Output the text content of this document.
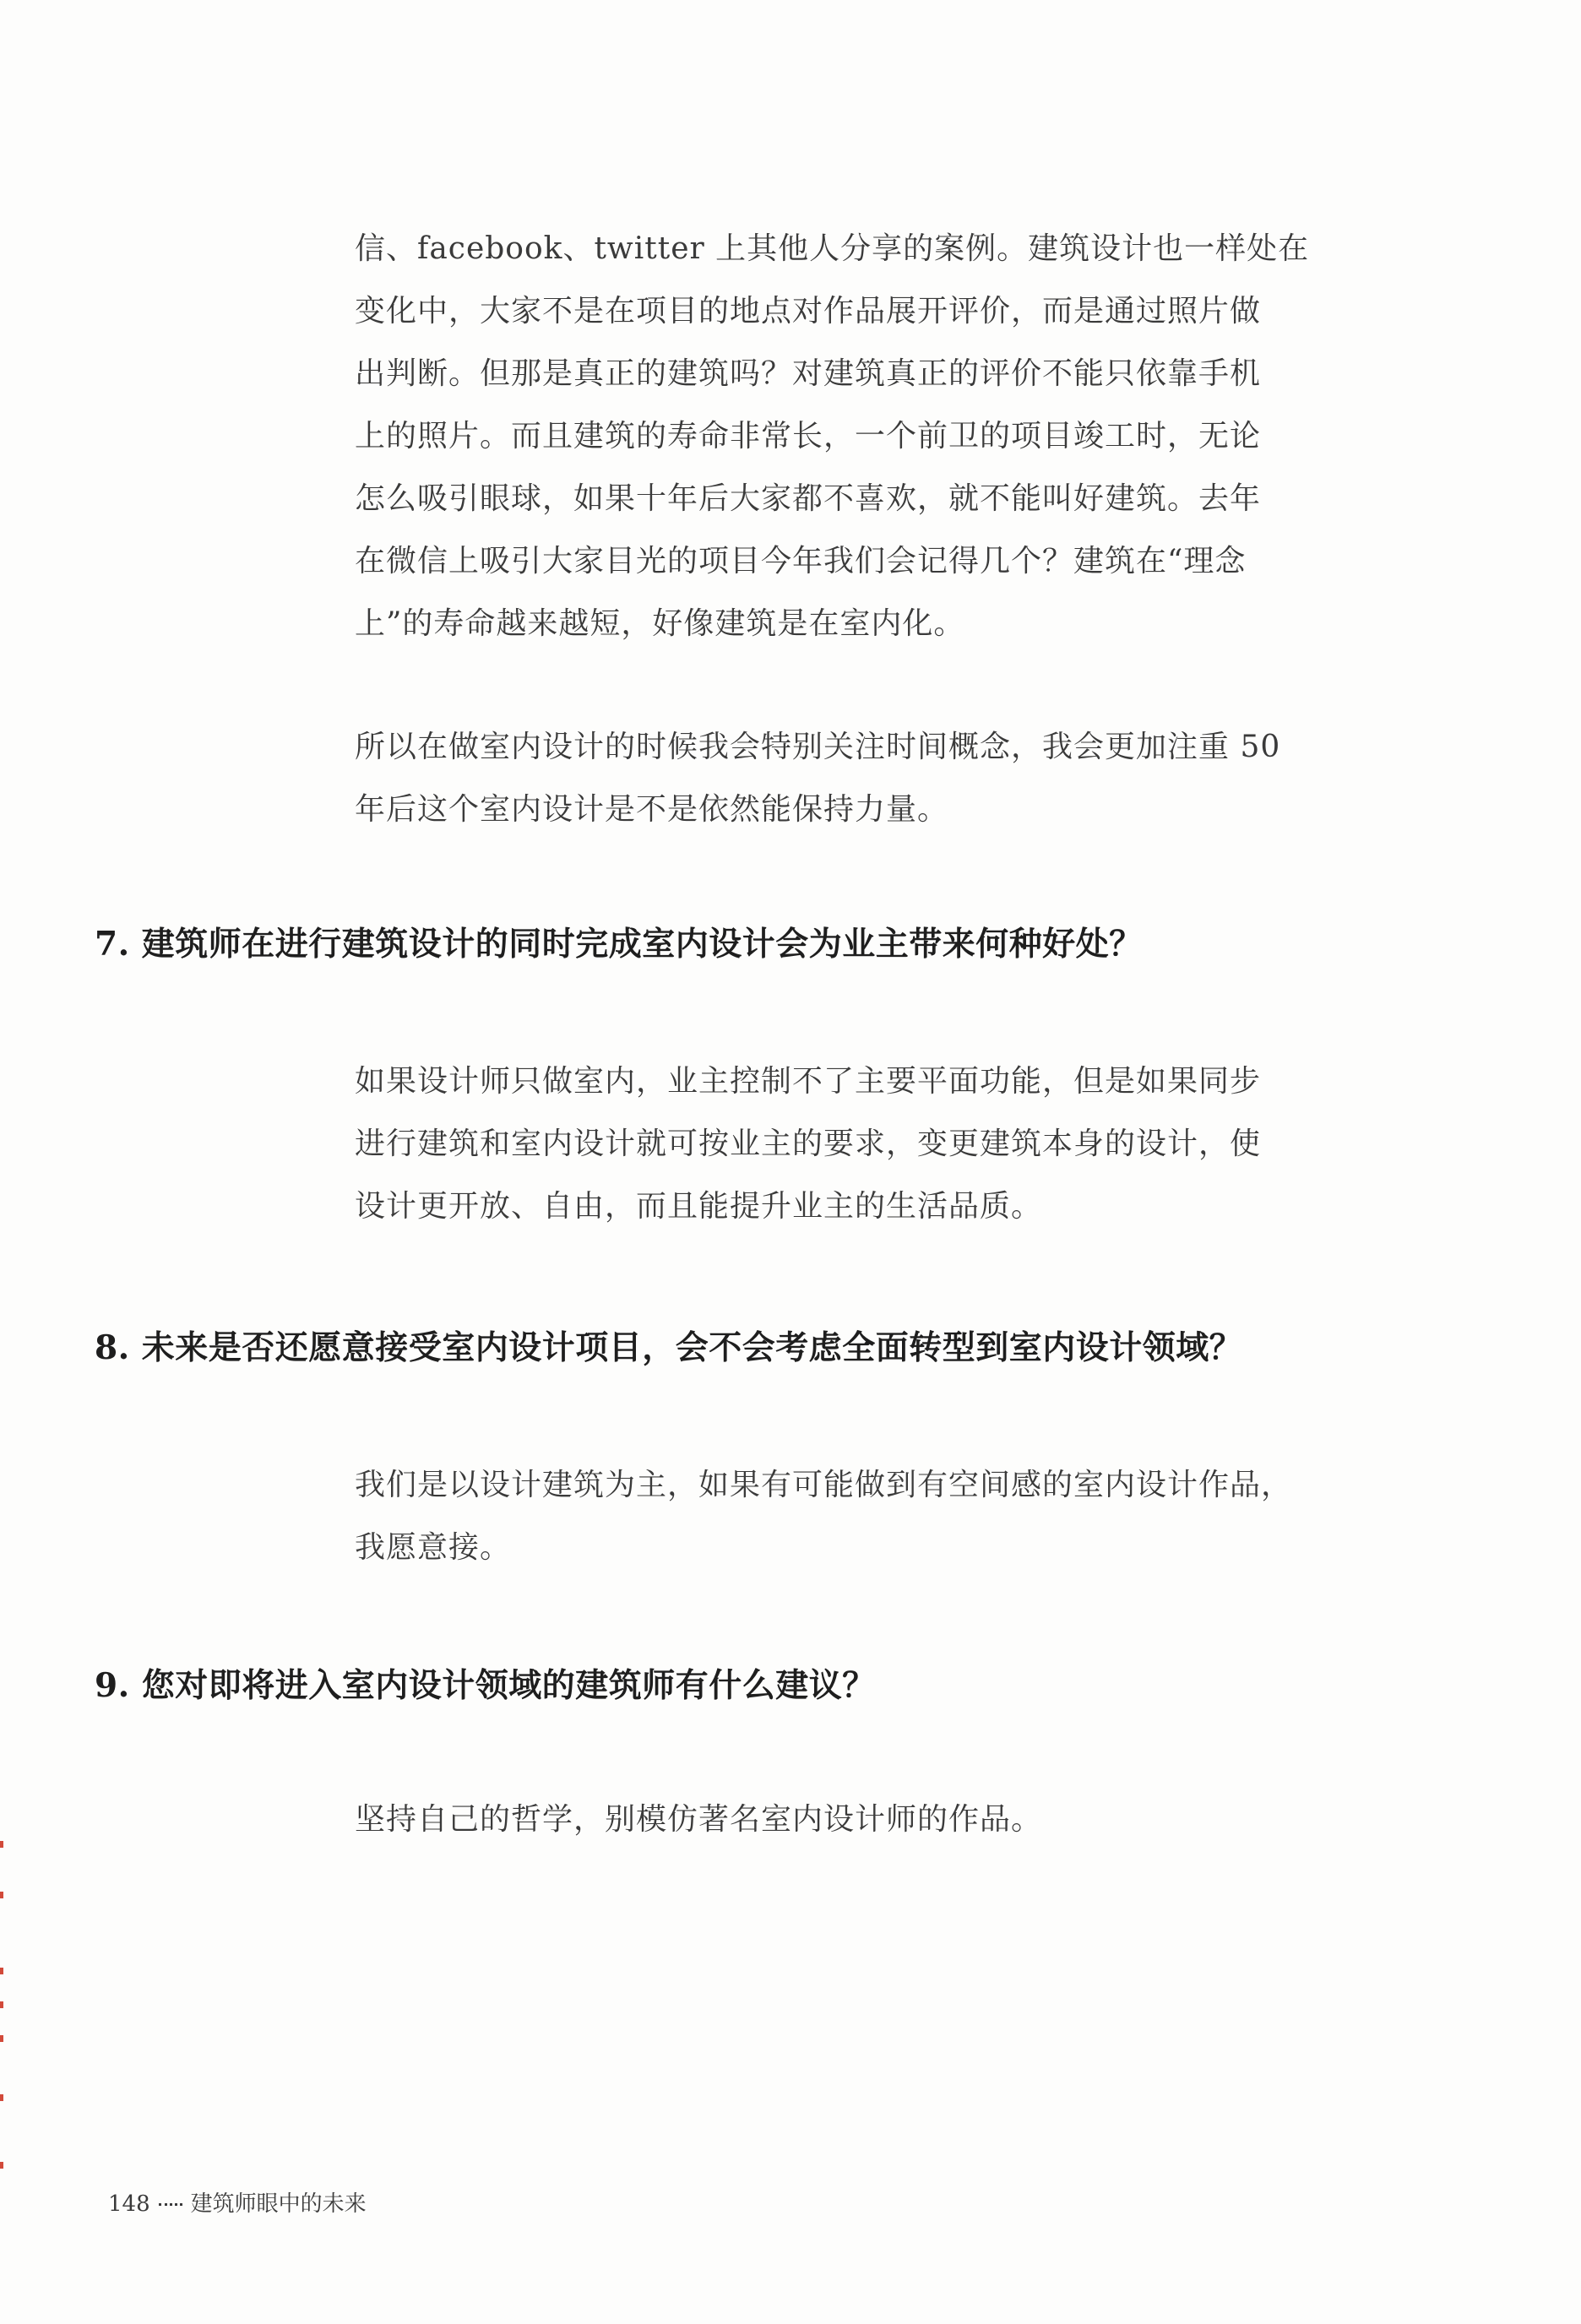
信、facebook、twitter 上其他人分享的案例。建筑设计也一样处在

变化中，大家不是在项目的地点对作品展开评价，而是通过照片做

出判断。但那是真正的建筑吗？对建筑真正的评价不能只依靠手机

上的照片。而且建筑的寿命非常长，一个前卫的项目竣工时，无论

怎么吸引眼球，如果十年后大家都不喜欢，就不能叫好建筑。去年

在微信上吸引大家目光的项目今年我们会记得几个？建筑在“理念

上”的寿命越来越短，好像建筑是在室内化。

所以在做室内设计的时候我会特别关注时间概念，我会更加注重 50

年后这个室内设计是不是依然能保持力量。

7. 建筑师在进行建筑设计的同时完成室内设计会为业主带来何种好处？

如果设计师只做室内，业主控制不了主要平面功能，但是如果同步

进行建筑和室内设计就可按业主的要求，变更建筑本身的设计，使

设计更开放、自由，而且能提升业主的生活品质。

8. 未来是否还愿意接受室内设计项目，会不会考虑全面转型到室内设计领域？

我们是以设计建筑为主，如果有可能做到有空间感的室内设计作品，

我愿意接。

9. 您对即将进入室内设计领域的建筑师有什么建议？

坚持自己的哲学，别模仿著名室内设计师的作品。

148 建筑师眼中的未来
